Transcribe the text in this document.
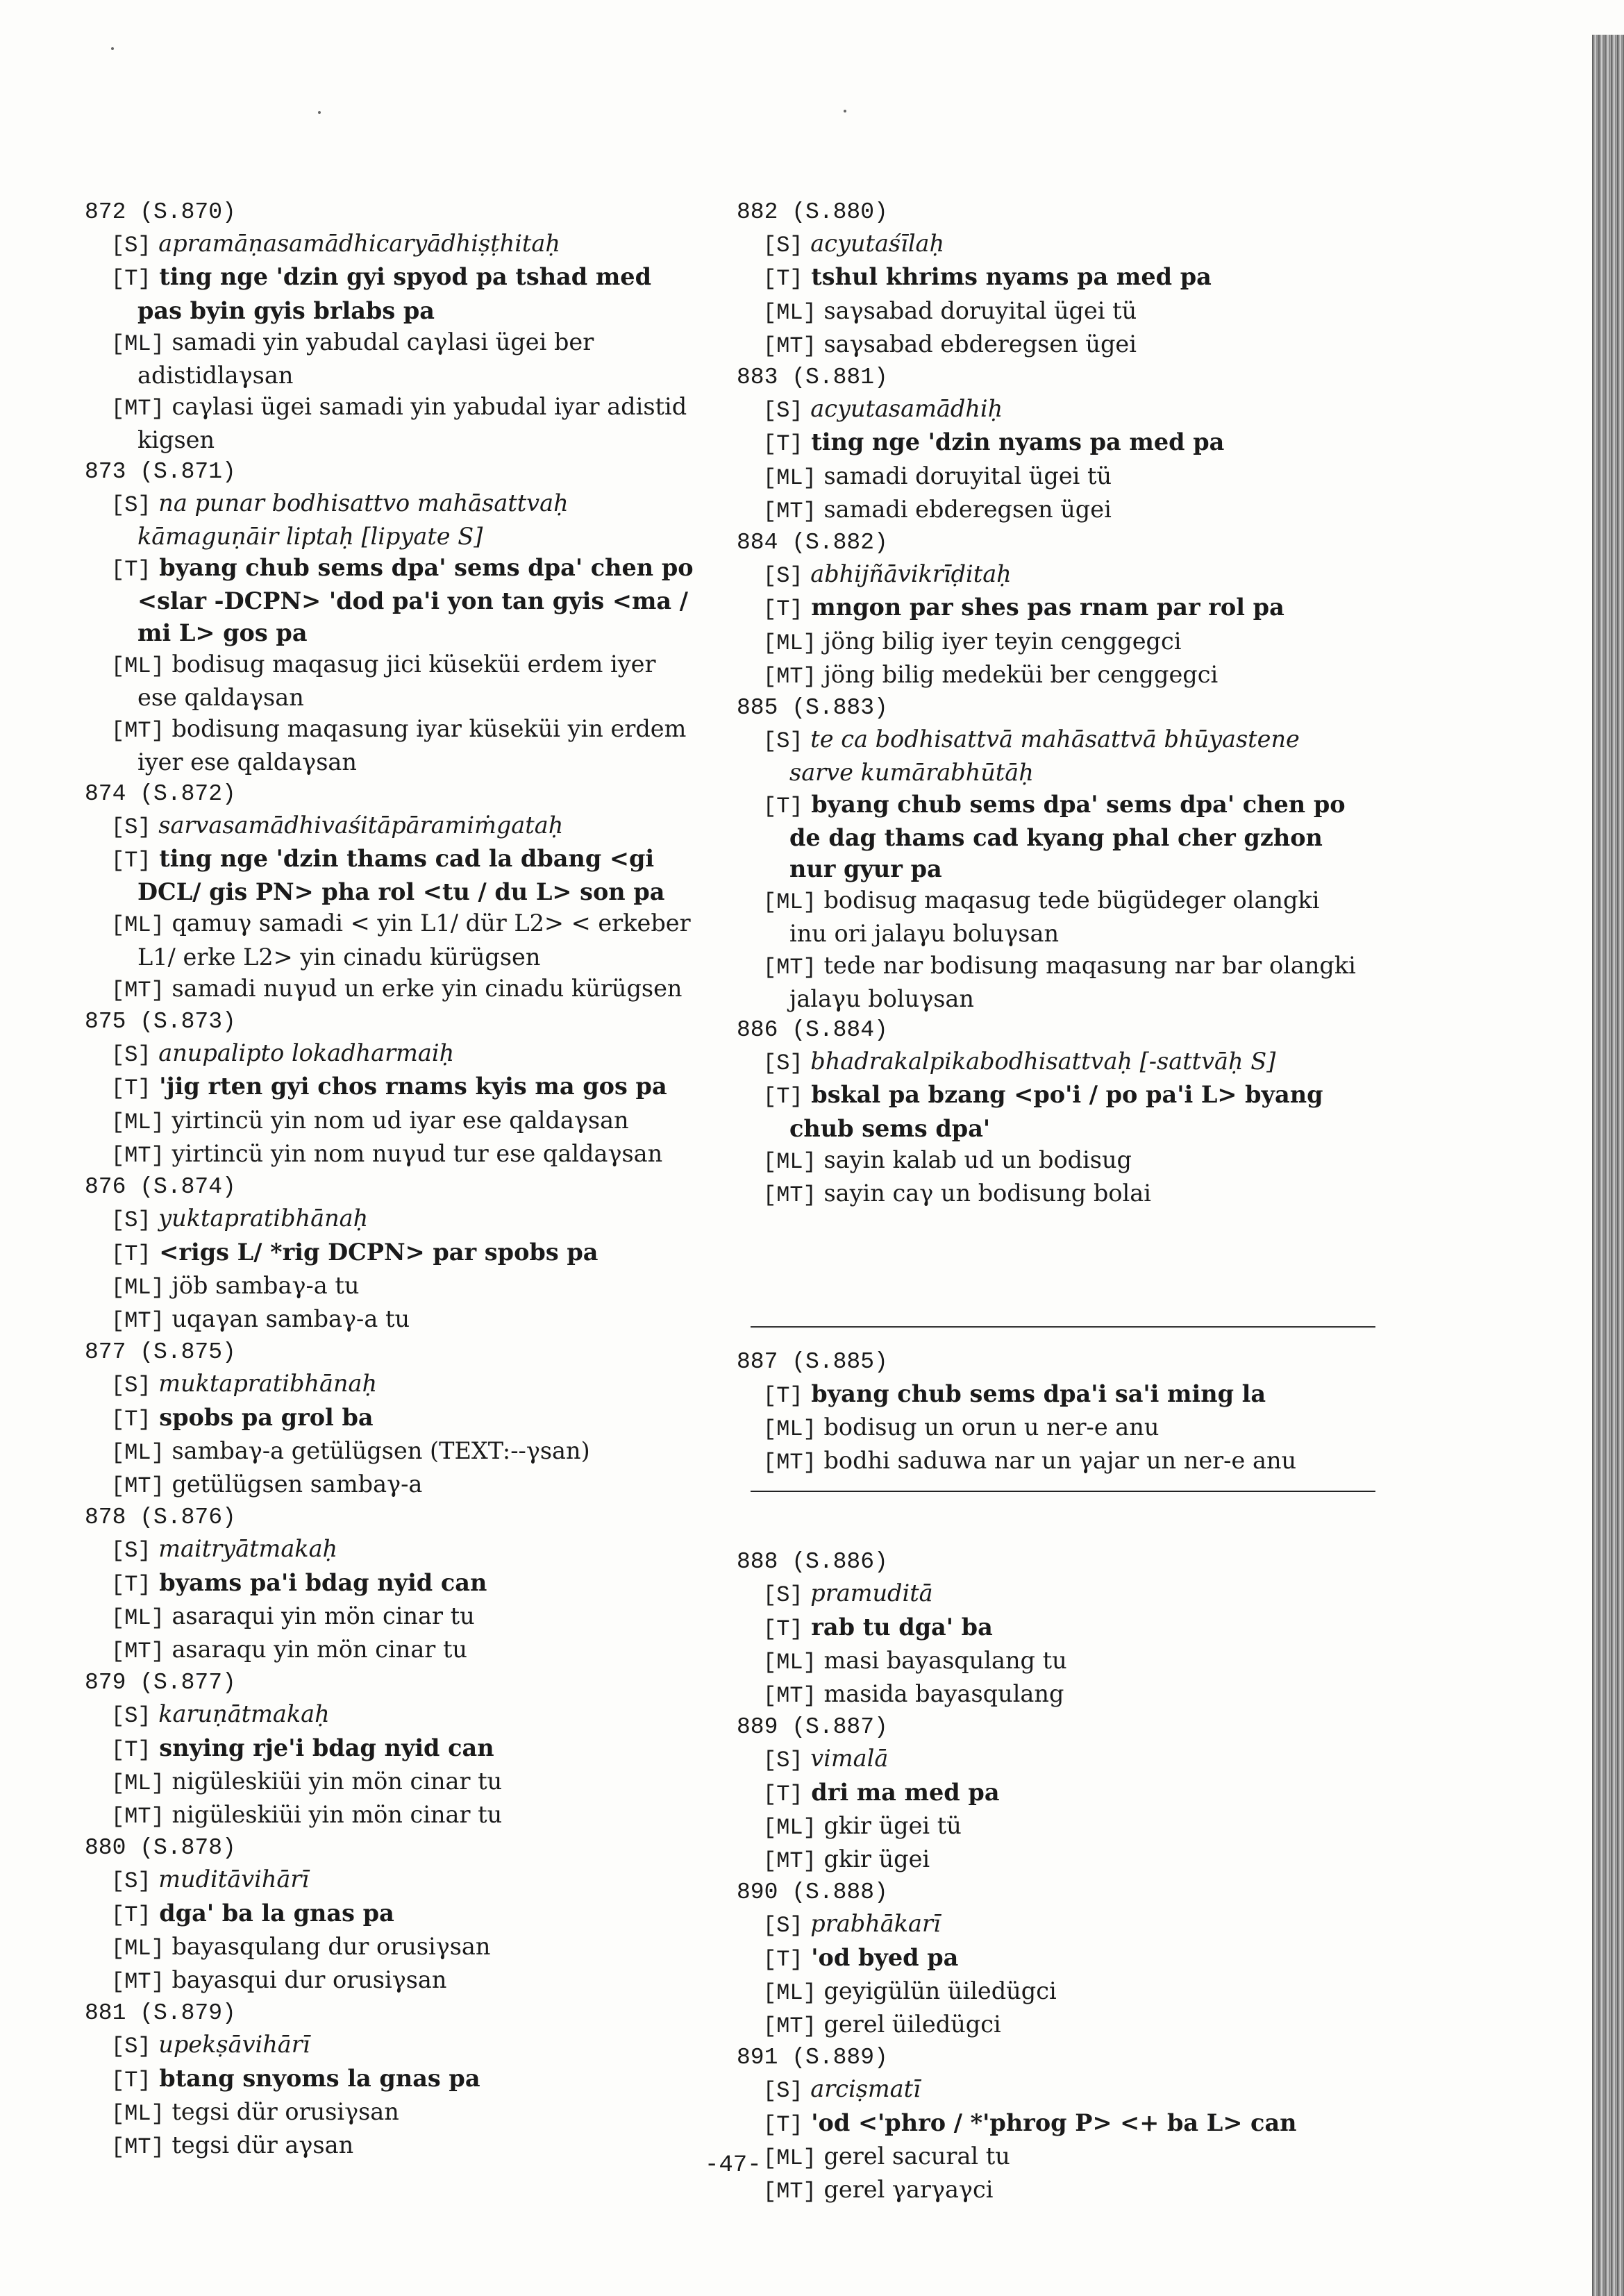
872 (S.870)
[S] apramāṇasamādhicaryādhiṣṭhitaḥ
[T] ting nge 'dzin gyi spyod pa tshad med pas byin gyis brlabs pa
[ML] samadi yin yabudal caγlasi ügei ber adistidlaγsan
[MT] caγlasi ügei samadi yin yabudal iyar adistid kigsen
873 (S.871)
[S] na punar bodhisattvo mahāsattvaḥ kāmaguṇāir liptaḥ [lipyate S]
[T] byang chub sems dpa' sems dpa' chen po <slar -DCPN> 'dod pa'i yon tan gyis <ma / mi L> gos pa
[ML] bodisug maqasug jici küseküi erdem iyer ese qaldaγsan
[MT] bodisung maqasung iyar küseküi yin erdem iyer ese qaldaγsan
874 (S.872)
[S] sarvasamādhivaśitāpāramiṁgataḥ
[T] ting nge 'dzin thams cad la dbang <gi DCL/ gis PN> pha rol <tu / du L> son pa
[ML] qamuγ samadi < yin L1/ dür L2> < erkeber L1/ erke L2> yin cinadu kürügsen
[MT] samadi nuγud un erke yin cinadu kürügsen
875 (S.873)
[S] anupalipto lokadharmaiḥ
[T] 'jig rten gyi chos rnams kyis ma gos pa
[ML] yirtincü yin nom ud iyar ese qaldaγsan
[MT] yirtincü yin nom nuγud tur ese qaldaγsan
876 (S.874)
[S] yuktapratibhānaḥ
[T] <rigs L/ *rig DCPN> par spobs pa
[ML] jöb sambaγ-a tu
[MT] uqaγan sambaγ-a tu
877 (S.875)
[S] muktapratibhānaḥ
[T] spobs pa grol ba
[ML] sambaγ-a getülügsen (TEXT:--γsan)
[MT] getülügsen sambaγ-a
878 (S.876)
[S] maitryātmakaḥ
[T] byams pa'i bdag nyid can
[ML] asaraqui yin mön cinar tu
[MT] asaraqu yin mön cinar tu
879 (S.877)
[S] karuṇātmakaḥ
[T] snying rje'i bdag nyid can
[ML] nigüleskiüi yin mön cinar tu
[MT] nigüleskiüi yin mön cinar tu
880 (S.878)
[S] muditāvihārī
[T] dga' ba la gnas pa
[ML] bayasqulang dur orusiγsan
[MT] bayasqui dur orusiγsan
881 (S.879)
[S] upekṣāvihārī
[T] btang snyoms la gnas pa
[ML] tegsi dür orusiγsan
[MT] tegsi dür aγsan
882 (S.880)
[S] acyutaśīlaḥ
[T] tshul khrims nyams pa med pa
[ML] saγsabad doruyital ügei tü
[MT] saγsabad ebderegsen ügei
883 (S.881)
[S] acyutasamādhiḥ
[T] ting nge 'dzin nyams pa med pa
[ML] samadi doruyital ügei tü
[MT] samadi ebderegsen ügei
884 (S.882)
[S] abhijñāvikrīḍitaḥ
[T] mngon par shes pas rnam par rol pa
[ML] jöng bilig iyer teyin cenggegci
[MT] jöng bilig medeküi ber cenggegci
885 (S.883)
[S] te ca bodhisattvā mahāsattvā bhūyastene sarve kumārabhūtāḥ
[T] byang chub sems dpa' sems dpa' chen po de dag thams cad kyang phal cher gzhon nur gyur pa
[ML] bodisug maqasug tede bügüdeger olangki inu ori jalaγu boluγsan
[MT] tede nar bodisung maqasung nar bar olangki jalaγu boluγsan
886 (S.884)
[S] bhadrakalpikabodhisattvaḥ [-sattvāḥ S]
[T] bskal pa bzang <po'i / po pa'i L> byang chub sems dpa'
[ML] sayin kalab ud un bodisug
[MT] sayin caγ un bodisung bolai
887 (S.885)
[T] byang chub sems dpa'i sa'i ming la
[ML] bodisug un orun u ner-e anu
[MT] bodhi saduwa nar un γajar un ner-e anu
888 (S.886)
[S] pramuditā
[T] rab tu dga' ba
[ML] masi bayasqulang tu
[MT] masida bayasqulang
889 (S.887)
[S] vimalā
[T] dri ma med pa
[ML] gkir ügei tü
[MT] gkir ügei
890 (S.888)
[S] prabhākarī
[T] 'od byed pa
[ML] geyigülün üiledügci
[MT] gerel üiledügci
891 (S.889)
[S] arciṣmatī
[T] 'od <'phro / *'phrog P> <+ ba L> can
[ML] gerel sacural tu
[MT] gerel γarγaγci
-47-
